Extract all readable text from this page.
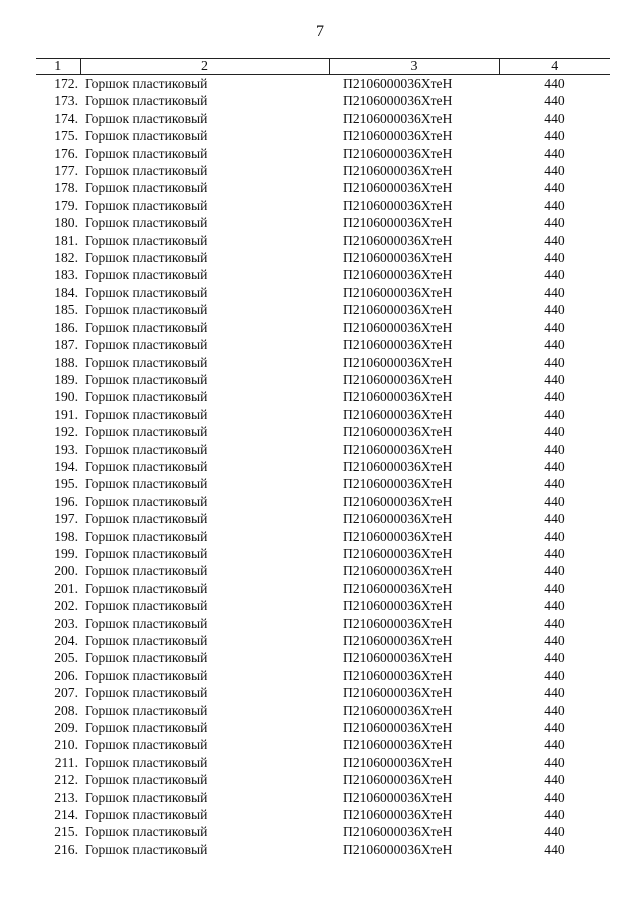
7
1	2	3	4
172.	Горшок пластиковый	П2106000036ХтеН	440
173.	Горшок пластиковый	П2106000036ХтеН	440
174.	Горшок пластиковый	П2106000036ХтеН	440
175.	Горшок пластиковый	П2106000036ХтеН	440
176.	Горшок пластиковый	П2106000036ХтеН	440
177.	Горшок пластиковый	П2106000036ХтеН	440
178.	Горшок пластиковый	П2106000036ХтеН	440
179.	Горшок пластиковый	П2106000036ХтеН	440
180.	Горшок пластиковый	П2106000036ХтеН	440
181.	Горшок пластиковый	П2106000036ХтеН	440
182.	Горшок пластиковый	П2106000036ХтеН	440
183.	Горшок пластиковый	П2106000036ХтеН	440
184.	Горшок пластиковый	П2106000036ХтеН	440
185.	Горшок пластиковый	П2106000036ХтеН	440
186.	Горшок пластиковый	П2106000036ХтеН	440
187.	Горшок пластиковый	П2106000036ХтеН	440
188.	Горшок пластиковый	П2106000036ХтеН	440
189.	Горшок пластиковый	П2106000036ХтеН	440
190.	Горшок пластиковый	П2106000036ХтеН	440
191.	Горшок пластиковый	П2106000036ХтеН	440
192.	Горшок пластиковый	П2106000036ХтеН	440
193.	Горшок пластиковый	П2106000036ХтеН	440
194.	Горшок пластиковый	П2106000036ХтеН	440
195.	Горшок пластиковый	П2106000036ХтеН	440
196.	Горшок пластиковый	П2106000036ХтеН	440
197.	Горшок пластиковый	П2106000036ХтеН	440
198.	Горшок пластиковый	П2106000036ХтеН	440
199.	Горшок пластиковый	П2106000036ХтеН	440
200.	Горшок пластиковый	П2106000036ХтеН	440
201.	Горшок пластиковый	П2106000036ХтеН	440
202.	Горшок пластиковый	П2106000036ХтеН	440
203.	Горшок пластиковый	П2106000036ХтеН	440
204.	Горшок пластиковый	П2106000036ХтеН	440
205.	Горшок пластиковый	П2106000036ХтеН	440
206.	Горшок пластиковый	П2106000036ХтеН	440
207.	Горшок пластиковый	П2106000036ХтеН	440
208.	Горшок пластиковый	П2106000036ХтеН	440
209.	Горшок пластиковый	П2106000036ХтеН	440
210.	Горшок пластиковый	П2106000036ХтеН	440
211.	Горшок пластиковый	П2106000036ХтеН	440
212.	Горшок пластиковый	П2106000036ХтеН	440
213.	Горшок пластиковый	П2106000036ХтеН	440
214.	Горшок пластиковый	П2106000036ХтеН	440
215.	Горшок пластиковый	П2106000036ХтеН	440
216.	Горшок пластиковый	П2106000036ХтеН	440
